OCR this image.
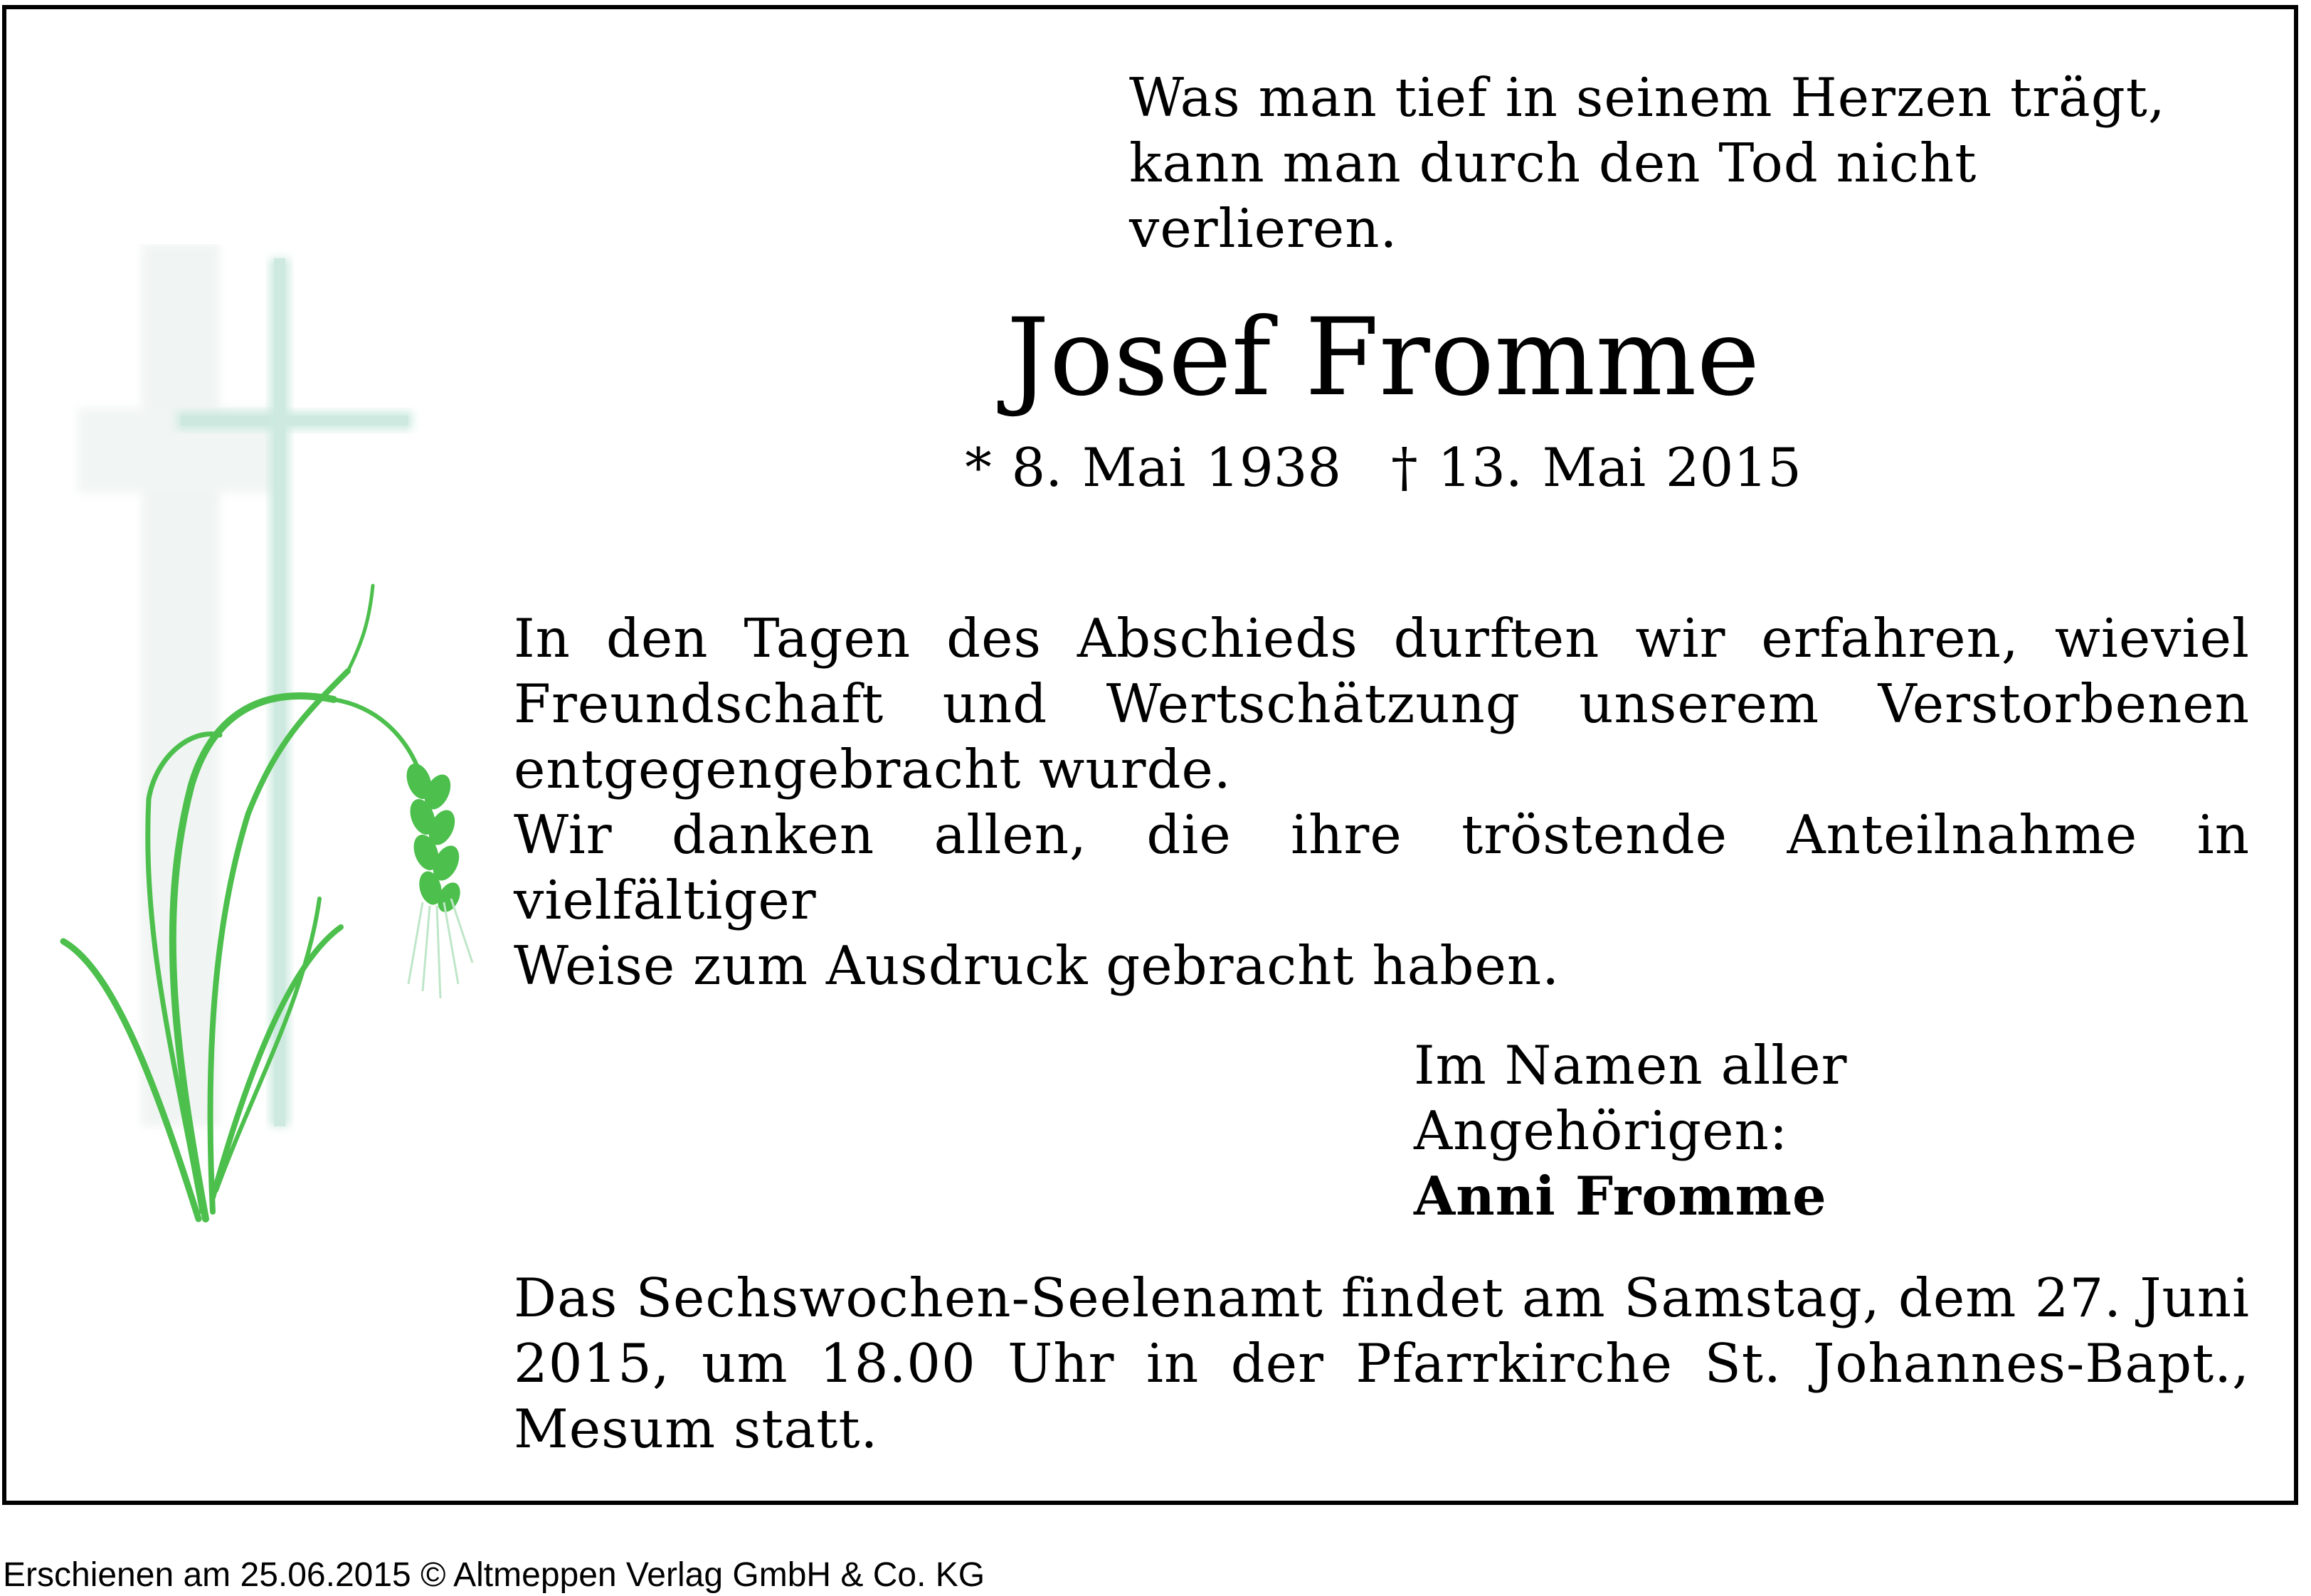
Was man tief in seinem Herzen trägt,
kann man durch den Tod nicht verlieren.
Josef Fromme
* 8. Mai 1938 † 13. Mai 2015
In den Tagen des Abschieds durften wir erfahren, wieviel
Freundschaft und Wertschätzung unserem Verstorbenen
entgegengebracht wurde.
Wir danken allen, die ihre tröstende Anteilnahme in vielfältiger
Weise zum Ausdruck gebracht haben.
Im Namen aller Angehörigen:
Anni Fromme
Das Sechswochen-Seelenamt findet am Samstag, dem 27. Juni
2015, um 18.00 Uhr in der Pfarrkirche St. Johannes-Bapt.,
Mesum statt.
Erschienen am 25.06.2015 © Altmeppen Verlag GmbH & Co. KG
